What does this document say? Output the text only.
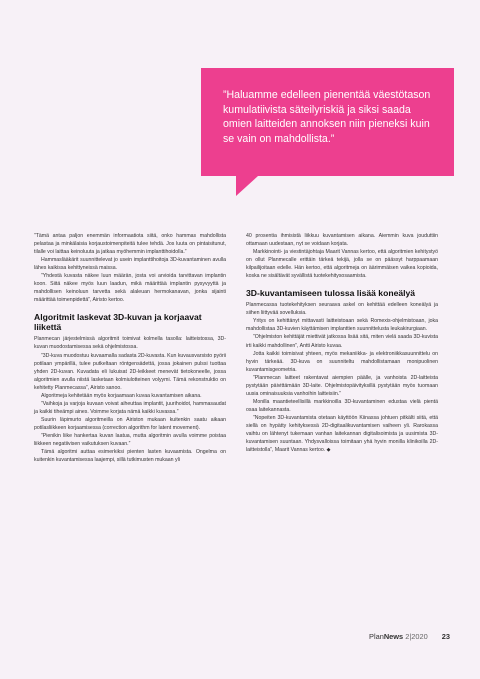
”Haluamme edelleen pienentää väestötason kumulatiivista säteilyriskiä ja siksi saada omien laitteiden annoksen niin pieneksi kuin se vain on mahdollista.”

”Tämä antaa paljon enemmän informaatiota siitä, onko hammas mahdollista pelastaa ja minkälaisia korjaustoimenpiteitä tulee tehdä. Jos luuta on pintaisitunut, tilalle voi laittaa keinoluuta ja jatkaa myöhemmin implanttihoidolla.”

Hammaslääkärit suunnittelevat jo usein implanttihoitoja 3D-kuvantaminen avulla lähes kaikissa kehittyneissä maissa.

”Yhdestä kuvasta näkee luun määrän, josta voi arvioida tarvittavan implantin koon. Siitä näkee myös luun laadun, mikä määrittää implantin pysyvyyttä ja mahdollisen keinoluun tarvetta sekä alaleuan hermokanavan, jonka sijainti määrittää toimenpidettä”, Airisto kertoo.

Algoritmit laskevat 3D-kuvan ja korjaavat liikettä

Planmecan järjestelmissä algoritmit toimivat kolmella tasolla: laitteistossa, 3D-kuvan muodostamisessa sekä ohjelmistossa.

”3D-kuva muodostuu kuvaamalla sadasta 2D-kuvasta. Kun kuvausvarsisto pyörii potilaan ympärillä, tulee putkeltaan röntgensädettä, jossa jokainen pulssi tuottaa yhden 2D-kuvan. Kuvadata eli lukuisat 2D-leikkeet menevät tietokoneelle, jossa algoritmien avulla niistä lasketaan kolmiulotteinen volyymi. Tämä rekonstruktio on kehitetty Planmecassa”, Airisto sanoo.

Algoritmeja kehitetään myös korjaamaan kuvaa kuvantamisen aikana.

”Vaihkoja ja varjoja kuvaan voivat aiheuttaa implantit, juurihoidot, hammasaudat ja kaikki tiheämpi aines. Voimme korjata nämä kaikki kuvassa.”

Suurin läpimurto algoritmeilla on Airiston mukaan kuitenkin saatu aikaan potilasliikkeen korjaamisessa (correction algorithm for latent movement).

”Pienikin liike hankertaa kuvan laatua, mutta algoritmin avulla voimme poistaa liikkeen negatiivisen vaikutuksen kuvaan.”

Tämä algoritmi auttaa esimerkiksi pienten lasten kuvaamista. Ongelma on kuitenkin kuvantamisessa laajempi, sillä tutkimusten mukaan yli

40 prosentia ihmisistä liikkuu kuvantamisen aikana. Aiemmin kuva jouduttiin ottamaan uudestaan, nyt se voidaan korjata.

Markkinointi- ja viestintäjohtaja Maarit Vannas kertoo, että algoritmien kehitystyö on ollut Planmecalle erittäin tärkeä tekijä, jolla se on päässyt harppaamaan kilpailijoitaan edelle. Hän kertoo, että algoritmeja on äärimmäisen vaikea kopioida, koska ne sisältävät syvällistä tuotekehitysosaamista.

3D-kuvantamiseen tulossa lisää koneälyä

Planmecassa tuotekehityksen seuraava askel on kehittää edelleen koneälyä ja siihen liittyvää sovelluksia.

Yritys on kehittänyt mittavasti laitteistoaan sekä Romexis-ohjelmistoaan, joka mahdollistaa 3D-kuvien käyttämisen implanttien suunnittelusta leukakirurgiaan.

”Ohjelmiston kehittäjät miettivät jatkossa lisää sitä, miten vielä saada 3D-kuvista irti kaikki mahdollinen”, Antti Airisto kuvaa.

Jotta kaikki toimisivat yhteen, myös mekaniikka- ja elektroniikkasuunnittelu on hyvin tärkeää. 3D-kuva on suunniteltu mahdollistamaan monipuolinen kuvantamisgeometria.

”Planmecan laitteet rakentavat aiempien päälle, ja vanhoista 2D-laitteista pystytään päivittämään 3D-laite. Ohjelmistopäivityksillä pystytään myös tuomaan uusia ominaisuuksia vanhoihin laitteisiin.”

Monilla maantieteellisillä markkinoilla 3D-kuvantaminen edustaa vielä pientä osaa laitekannasta.

”Nopeiten 3D-kuvantamista otetaan käyttöön Kiinassa johtuen pitkälti siitä, että siellä on hypätty kehityksessä 2D-digitaalikuvantamisen vaiheen yli. Rarokassa vaihtu on lähtenyt tukemaan vanhan laitekannan digitalisoimista ja uusimista 3D-kuvantamisen suuntaan. Yhdysvalloissa toimitaan yhä hyvin monilla klinikoilla 2D-laitteistolla”, Maarit Vannas kertoo. ◆

PlanNews 2|2020 23
